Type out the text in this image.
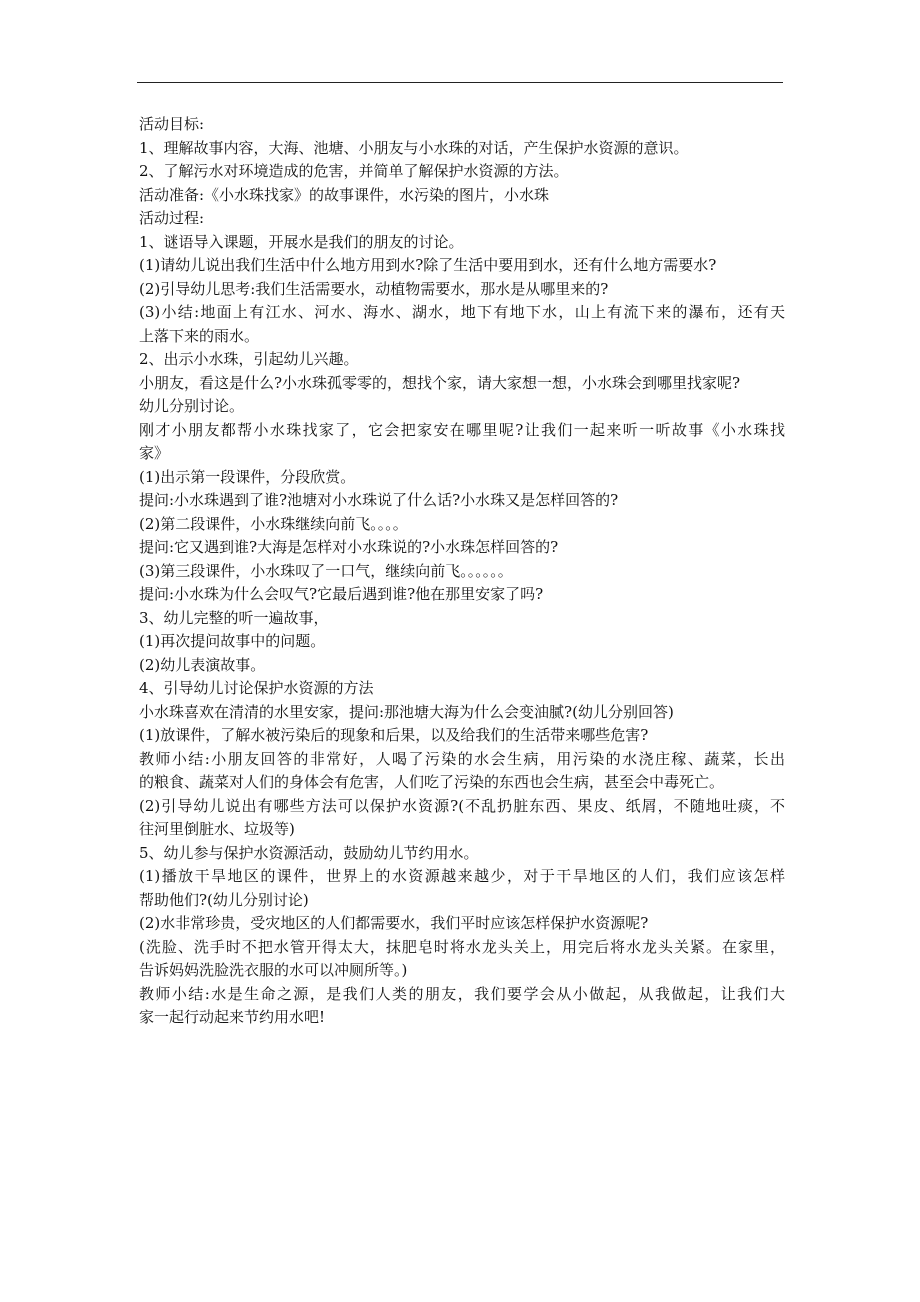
活动目标:
1、理解故事内容，大海、池塘、小朋友与小水珠的对话，产生保护水资源的意识。
2、了解污水对环境造成的危害，并简单了解保护水资源的方法。
活动准备:《小水珠找家》的故事课件，水污染的图片，小水珠
活动过程:
1、谜语导入课题，开展水是我们的朋友的讨论。
(1)请幼儿说出我们生活中什么地方用到水?除了生活中要用到水，还有什么地方需要水?
(2)引导幼儿思考:我们生活需要水，动植物需要水，那水是从哪里来的?
(3)小结:地面上有江水、河水、海水、湖水，地下有地下水，山上有流下来的瀑布，还有天
上落下来的雨水。
2、出示小水珠，引起幼儿兴趣。
小朋友，看这是什么?小水珠孤零零的，想找个家，请大家想一想，小水珠会到哪里找家呢?
幼儿分别讨论。
刚才小朋友都帮小水珠找家了，它会把家安在哪里呢?让我们一起来听一听故事《小水珠找
家》
(1)出示第一段课件，分段欣赏。
提问:小水珠遇到了谁?池塘对小水珠说了什么话?小水珠又是怎样回答的?
(2)第二段课件，小水珠继续向前飞。。。。
提问:它又遇到谁?大海是怎样对小水珠说的?小水珠怎样回答的?
(3)第三段课件，小水珠叹了一口气，继续向前飞。。。。。。
提问:小水珠为什么会叹气?它最后遇到谁?他在那里安家了吗?
3、幼儿完整的听一遍故事，
(1)再次提问故事中的问题。
(2)幼儿表演故事。
4、引导幼儿讨论保护水资源的方法
小水珠喜欢在清清的水里安家，提问:那池塘大海为什么会变油腻?(幼儿分别回答)
(1)放课件，了解水被污染后的现象和后果，以及给我们的生活带来哪些危害?
教师小结:小朋友回答的非常好，人喝了污染的水会生病，用污染的水浇庄稼、蔬菜，长出
的粮食、蔬菜对人们的身体会有危害，人们吃了污染的东西也会生病，甚至会中毒死亡。
(2)引导幼儿说出有哪些方法可以保护水资源?(不乱扔脏东西、果皮、纸屑，不随地吐痰，不
往河里倒脏水、垃圾等)
5、幼儿参与保护水资源活动，鼓励幼儿节约用水。
(1)播放干旱地区的课件，世界上的水资源越来越少，对于干旱地区的人们，我们应该怎样
帮助他们?(幼儿分别讨论)
(2)水非常珍贵，受灾地区的人们都需要水，我们平时应该怎样保护水资源呢?
(洗脸、洗手时不把水管开得太大，抹肥皂时将水龙头关上，用完后将水龙头关紧。在家里，
告诉妈妈洗脸洗衣服的水可以冲厕所等。)
教师小结:水是生命之源，是我们人类的朋友，我们要学会从小做起，从我做起，让我们大
家一起行动起来节约用水吧!
